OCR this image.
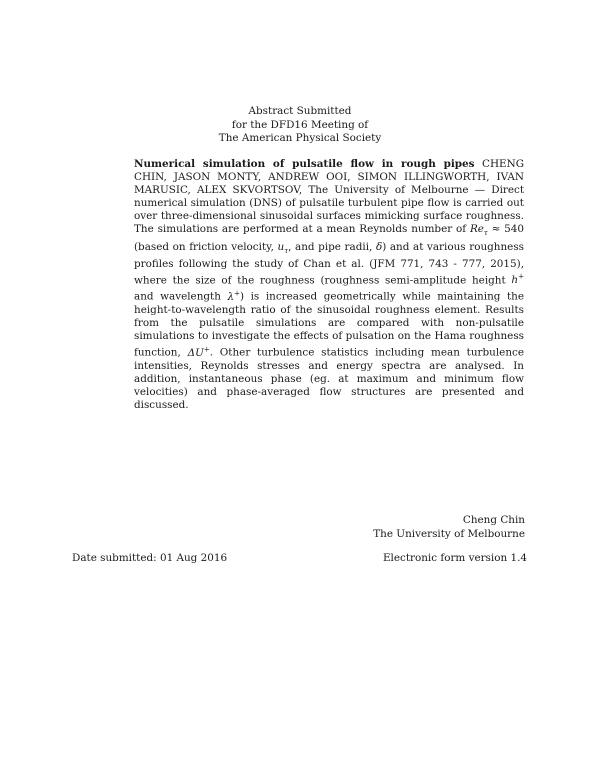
Abstract Submitted
for the DFD16 Meeting of
The American Physical Society
Numerical simulation of pulsatile flow in rough pipes CHENG CHIN, JASON MONTY, ANDREW OOI, SIMON ILLINGWORTH, IVAN MARUSIC, ALEX SKVORTSOV, The University of Melbourne — Direct numerical simulation (DNS) of pulsatile turbulent pipe flow is carried out over three-dimensional sinusoidal surfaces mimicking surface roughness. The simulations are performed at a mean Reynolds number of $Re_\tau \approx 540$ (based on friction velocity, $u_\tau$, and pipe radii, δ) and at various roughness profiles following the study of Chan et al. (JFM 771, 743 - 777, 2015), where the size of the roughness (roughness semi-amplitude height h+ and wavelength λ+) is increased geometrically while maintaining the height-to-wavelength ratio of the sinusoidal roughness element. Results from the pulsatile simulations are compared with non-pulsatile simulations to investigate the effects of pulsation on the Hama roughness function, ΔU+. Other turbulence statistics including mean turbulence intensities, Reynolds stresses and energy spectra are analysed. In addition, instantaneous phase (eg. at maximum and minimum flow velocities) and phase-averaged flow structures are presented and discussed.
Cheng Chin
The University of Melbourne
Date submitted: 01 Aug 2016	Electronic form version 1.4
